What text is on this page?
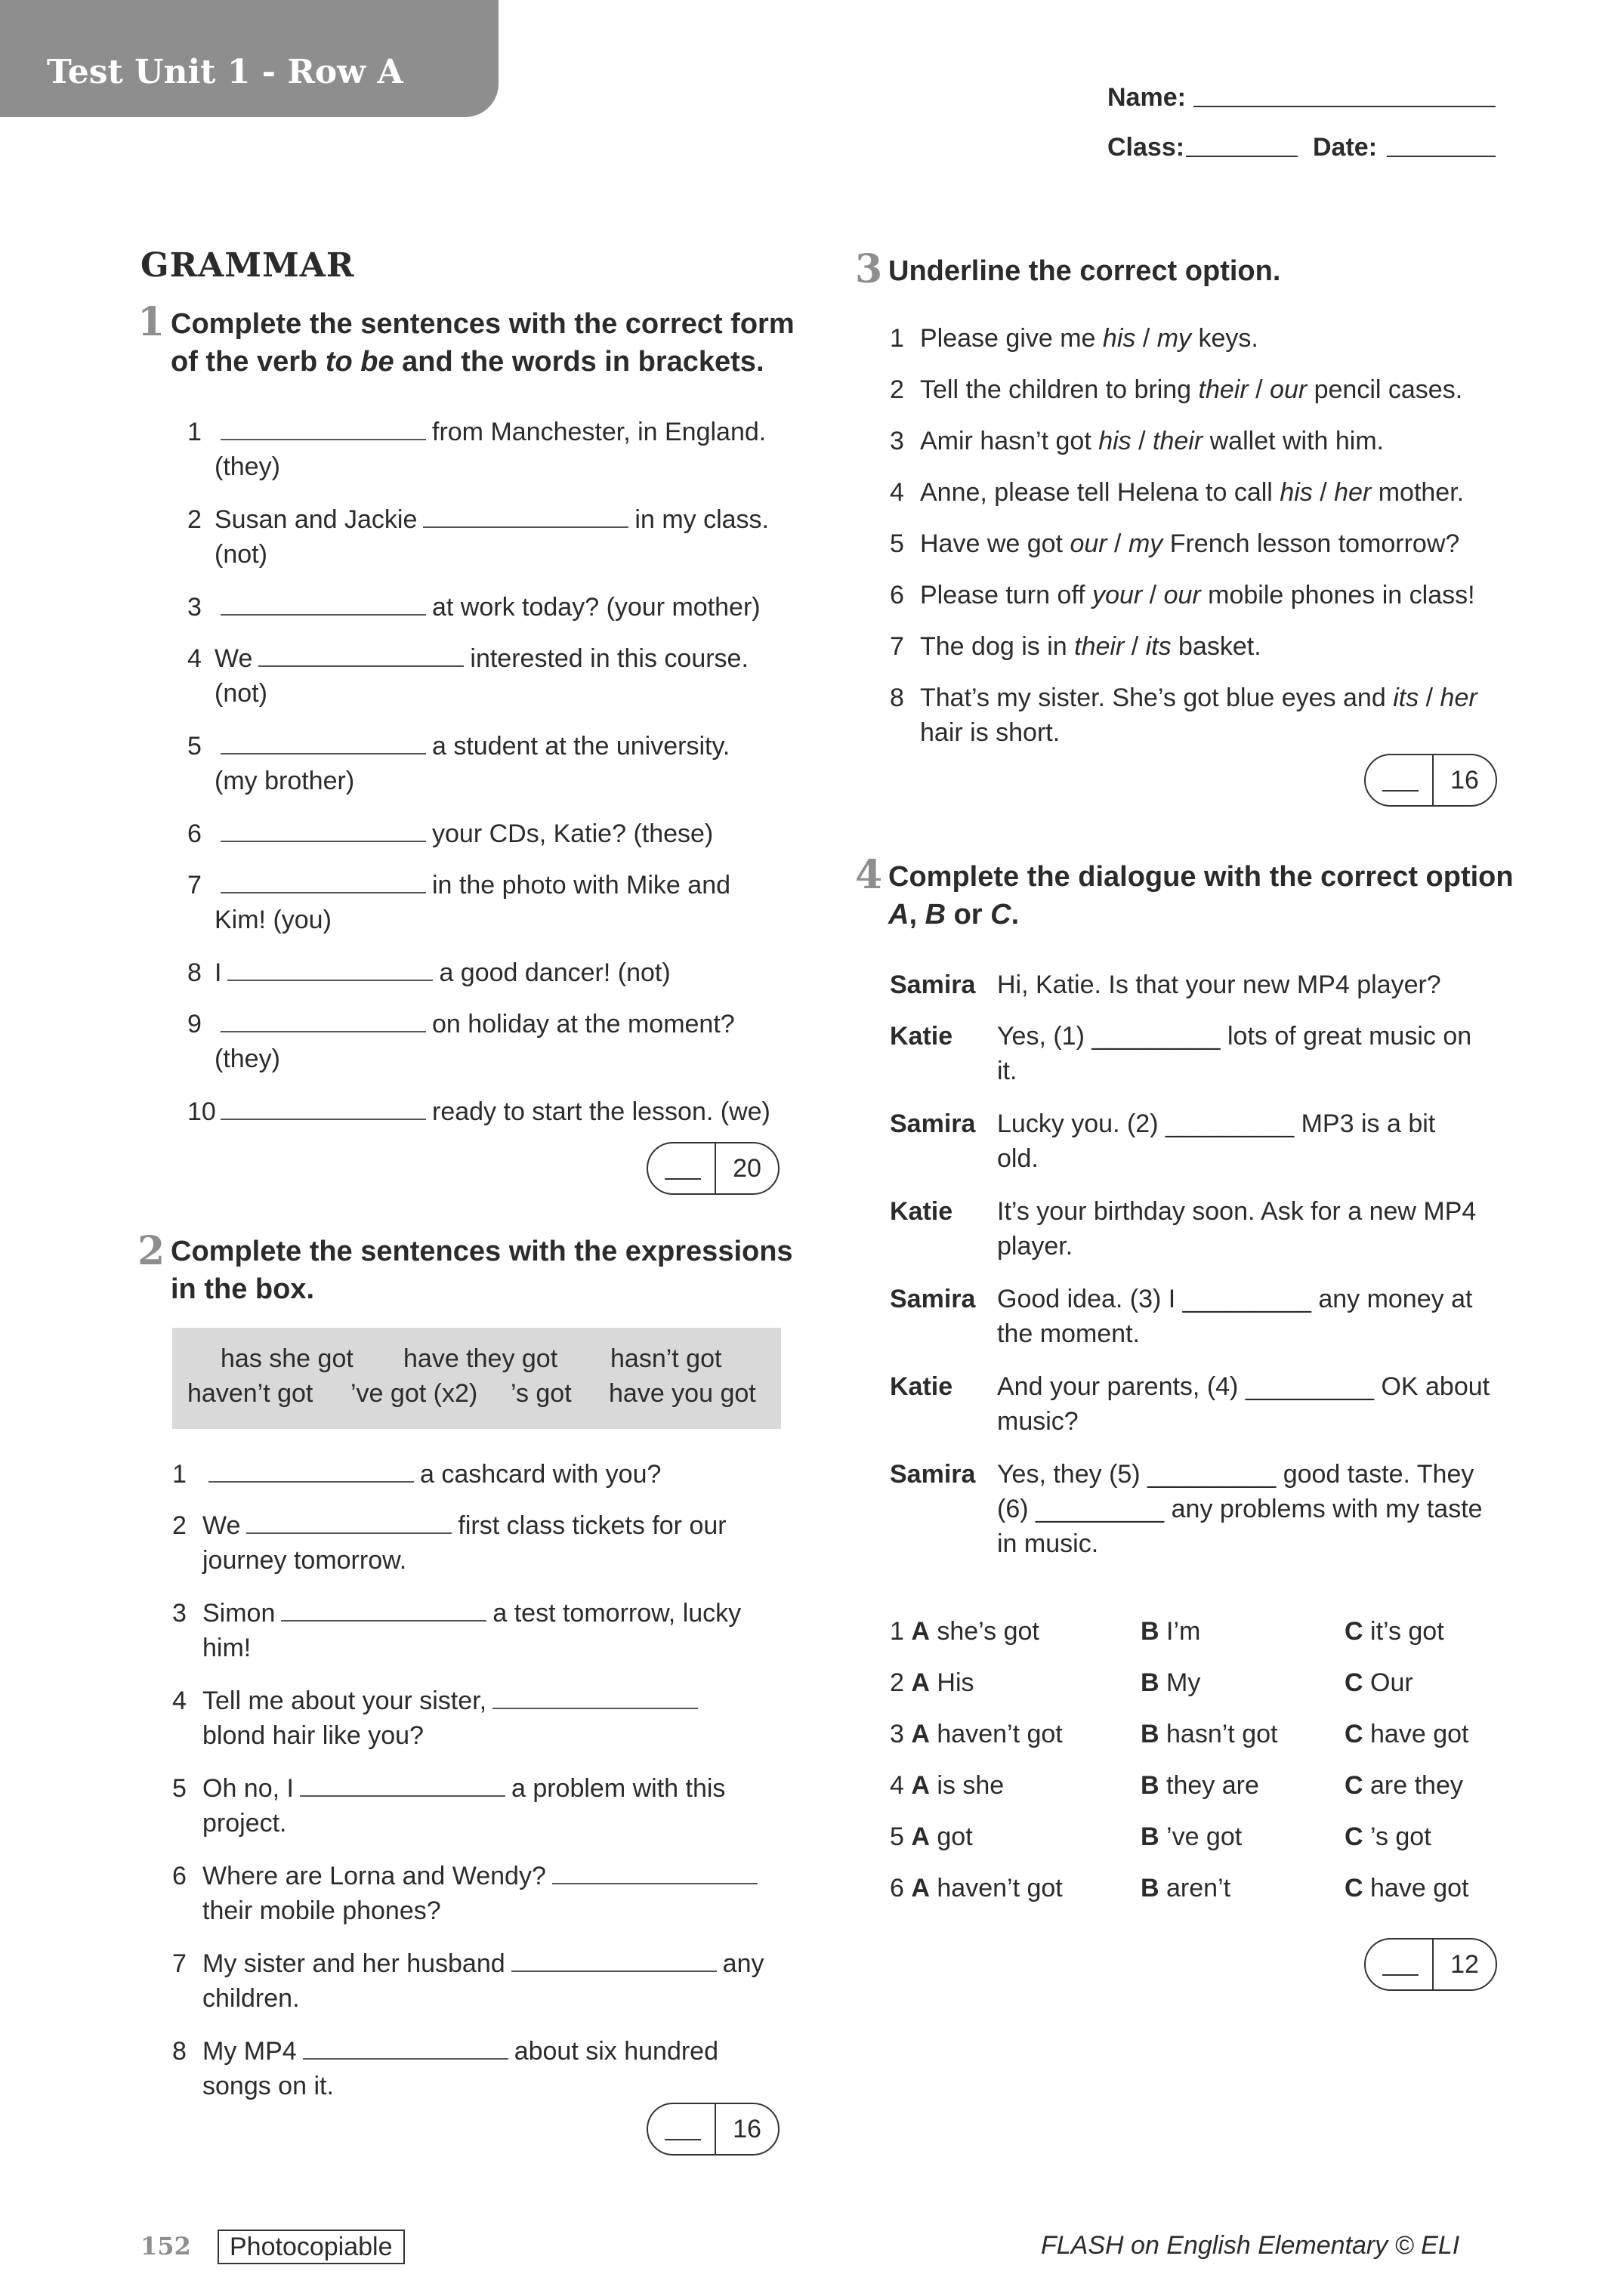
Test Unit 1 - Row A
Name:
Class:	Date:
GRAMMAR
1 Complete the sentences with the correct form
of the verb to be and the words in brackets.
20
2 Complete the sentences with the expressions
in the box.
has she got have they got hasn’t got
haven’t got ’ve got (x2) ’s got have you got
16
3 Underline the correct option.
16
4 Complete the dialogue with the correct option
A, B or C.
12
152	Photocopiable	FLASH on English Elementary © ELI
1	from Manchester, in England.
(they)
2 Susan and Jackie	in my class.
(not)
3	at work today? (your mother)
4 We	interested in this course.
(not)
5	a student at the university.
(my brother)
6	your CDs, Katie? (these)
7	in the photo with Mike and
Kim! (you)
8 I	a good dancer! (not)
9	on holiday at the moment?
(they)
10	ready to start the lesson. (we)
1	a cashcard with you?
2 We	first class tickets for our
journey tomorrow.
3 Simon	a test tomorrow, lucky
him!
4 Tell me about your sister,
blond hair like you?
5 Oh no, I	a problem with this
project.
6 Where are Lorna and Wendy?
their mobile phones?
7 My sister and her husband	any
children.
8 My MP4	about six hundred
songs on it.
1 Please give me his / my keys.
2 Tell the children to bring their / our pencil cases.
3 Amir hasn’t got his / their wallet with him.
4 Anne, please tell Helena to call his / her mother.
5 Have we got our / my French lesson tomorrow?
6 Please turn off your / our mobile phones in class!
7 The dog is in their / its basket.
8 That’s my sister. She’s got blue eyes and its / her
hair is short.
Samira Hi, Katie. Is that your new MP4 player?
Katie Yes, (1) _________ lots of great music on
it.
Samira Lucky you. (2) _________ MP3 is a bit
old.
Katie It’s your birthday soon. Ask for a new MP4
player.
Samira Good idea. (3) I _________ any money at
the moment.
Katie And your parents, (4) _________ OK about
music?
Samira Yes, they (5) _________ good taste. They
(6) _________ any problems with my taste
in music.
1 A she’s got	B I’m	C it’s got
2 A His	B My	C Our
3 A haven’t got	B hasn’t got	C have got
4 A is she	B they are	C are they
5 A got	B ’ve got	C ’s got
6 A haven’t got	B aren’t	C have got
